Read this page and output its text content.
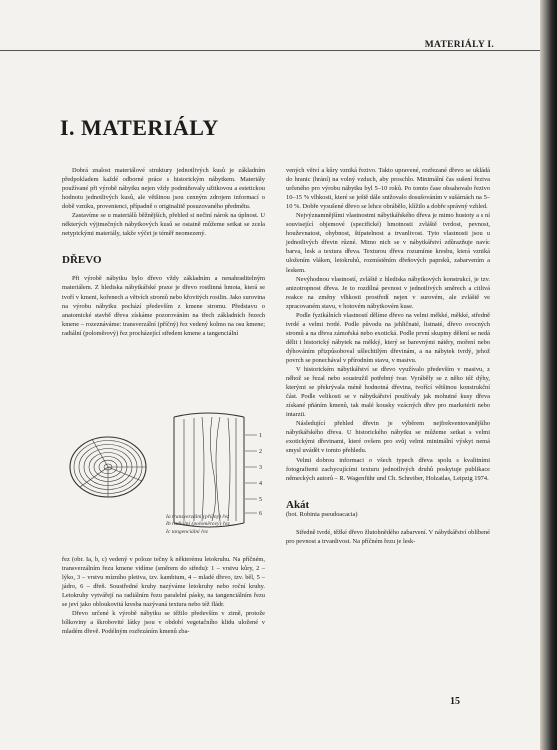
MATERIÁLY I.
I. MATERIÁLY

Dobrá znalost materiálové struktury jednotlivých kusů je základním předpokladem každé odborné práce s historickým nábytkem. Materiály používané při výrobě nábytku nejen vždy podmiňovaly užitkovou a estetickou hodnotu jednotlivých kusů, ale většinou jsou cenným zdrojem informací o době vzniku, provenienci, případně o originalitě posuzovaného předmětu.

Zastavíme se u materiálů běžnějších, přehled si nečiní nárok na úplnost. U některých výjimečných nábytkových kusů se ostatně můžeme setkat se zcela netypickými materiály, takže výčet je téměř neomezený.

DŘEVO

Při výrobě nábytku bylo dřevo vždy základním a nenahraditelným materiálem. Z hlediska nábytkářské praxe je dřevo rostlinná hmota, která se tvoří v kmeni, kořenech a větvích stromů nebo křovitých rostlin. Jako surovina na výrobu nábytku pochází především z kmene stromu. Představu o anatomické stavbě dřeva získáme pozorováním na třech základních řezech kmene – rozeznáváme: transverzální (příčný) řez vedený kolmo na osu kmene; radiální (poloměrový) řez procházející středem kmene a tangenciální

1
2
3
4
5
6
Ia transverzální (příčný) řez
Ib radiální (poloměrový) řez
Ic tangenciální řez

řez (obr. Ia, b, c) vedený v poloze tečny k některému letokruhu. Na příčném, transverzálním řezu kmene vidíme (směrem do středu): 1 – vrstvu kůry, 2 – lýko, 3 – vrstvu mízního pletiva, tzv. kambium, 4 – mladé dřevo, tzv. běl, 5 – jádro, 6 – dřeň. Soustředné kruhy nazýváme letokruhy nebo roční kruhy. Letokruhy vytvářejí na radiálním řezu paralelní pásky, na tangenciálním řezu se jeví jako obloukovitá kresba nazývaná textura nebo též fládr.

Dřevo určené k výrobě nábytku se těžilo především v zimě, protože bílkoviny a škrobovité látky jsou v období vegetačního klidu uložené v mladém dřevě. Podélným rozřezáním kmenů zba-

vených větví a kůry vzniká řezivo. Takto upravené, rozřezané dřevo se ukládá do hranic (hrání) na volný vzduch, aby proschlo. Minimální čas sušení řeziva určeného pro výrobu nábytku byl 5–10 roků. Po tomto čase obsahovalo řezivo 10–15 % vlhkosti, které se ještě dále snižovalo dosušováním v sušárnách na 5–10 %. Dobře vysušené dřevo se lehce obrábělo, klížilo a dobře správný vzhled.

Nejvýznamnějšími vlastnostmi nábytkářského dřeva je mimo hustoty a s ní související objemové (specifické) hmotnosti zvláště tvrdost, pevnost, houževnatost, ohybnost, štípatelnost a trvanlivost. Tyto vlastnosti jsou u jednotlivých dřevin různé. Mimo nich se v nábytkářství zdůrazňuje navíc barva, lesk a textura dřeva. Texturou dřeva rozumíme kresbu, která vzniká uložením vláken, letokruhů, rozmístěním dřeňových paprsků, zabarvením a leskem.

Nevýhodnou vlastností, zvláště z hlediska nábytkových konstrukcí, je tzv. anizotropnost dřeva. Je to rozdílná pevnost v jednotlivých směrech a citlivá reakce na změny vlhkosti prostředí nejen v surovém, ale zvláště ve zpracovaném stavu, v hotovém nábytkovém kuse.

Podle fyzikálních vlastností dělíme dřevo na velmi měkké, měkké, středně tvrdé a velmi tvrdé. Podle původu na jehličnaté, listnaté, dřevo ovocných stromů a na dřeva zámořská nebo exotická. Podle první skupiny dělení se nedá dělit i historický nábytek na měkký, který se barevnými nátěry, moření nebo dýhováním přizpůsoboval ušlechtilým dřevinám, a na nábytek tvrdý, jehož povrch se ponechával v přírodním stavu, v masivu.

V historickém nábytkářství se dřevo využívalo především v masivu, z něhož se řezal nebo soustružil potřebný tvar. Vyráběly se z něho též dýhy, kterými se překrývala méně hodnotná dřevina, tvořící většinou konstrukční část. Podle velikosti se v nábytkářství používaly jak mohutné kusy dřeva získané pňáním kmenů, tak malé kousky vzácných dřev pro marketérii nebo intarzii.

Následující přehled dřevin je výběrem nejfrekventovanějšího nábytkářského dřeva. U historického nábytku se můžeme setkat s velmi exotickými dřevinami, které ovšem pro svůj velmi minimální výskyt nemá smysl uvádět v tomto přehledu.

Velmi dobrou informaci o všech typech dřeva spolu s kvalitními fotografiemi zachycujícími texturu jednotlivých druhů poskytuje publikace německých autorů – R. Wagenführ und Ch. Schreiber, Holzatlas, Leipzig 1974.

Akát

(bot. Robinia pseudoacacia)

Středně tvrdé, těžké dřevo žlutohnědého zabarvení. V nábytkářství oblíbené pro pevnost a trvanlivost. Na příčném řezu je lesk-

15
